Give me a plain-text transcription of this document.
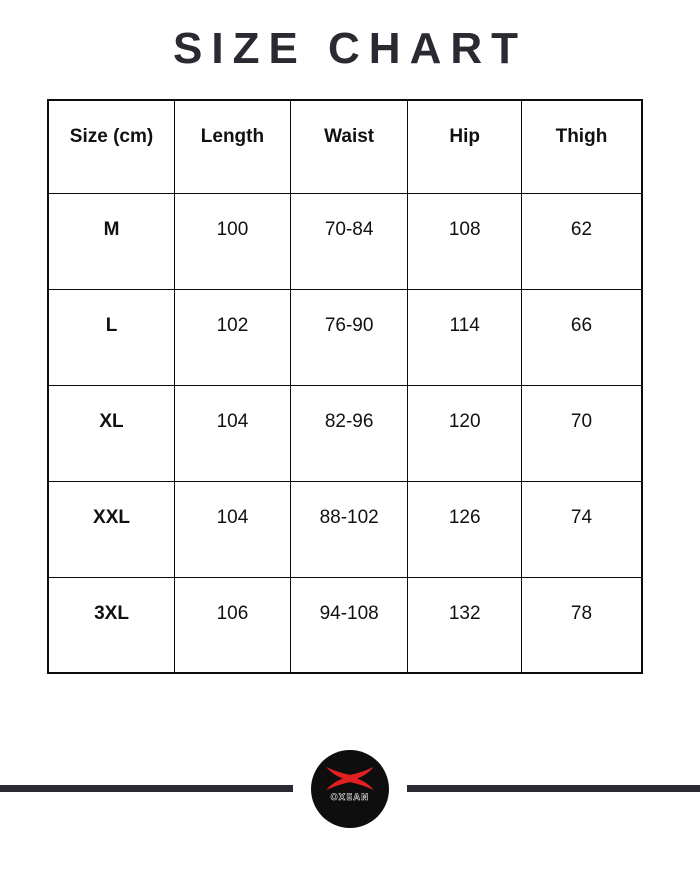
SIZE CHART
Size (cm)	Length	Waist	Hip	Thigh
M	100	70-84	108	62
L	102	76-90	114	66
XL	104	82-96	120	70
XXL	104	88-102	126	74
3XL	106	94-108	132	78
OXEAN
